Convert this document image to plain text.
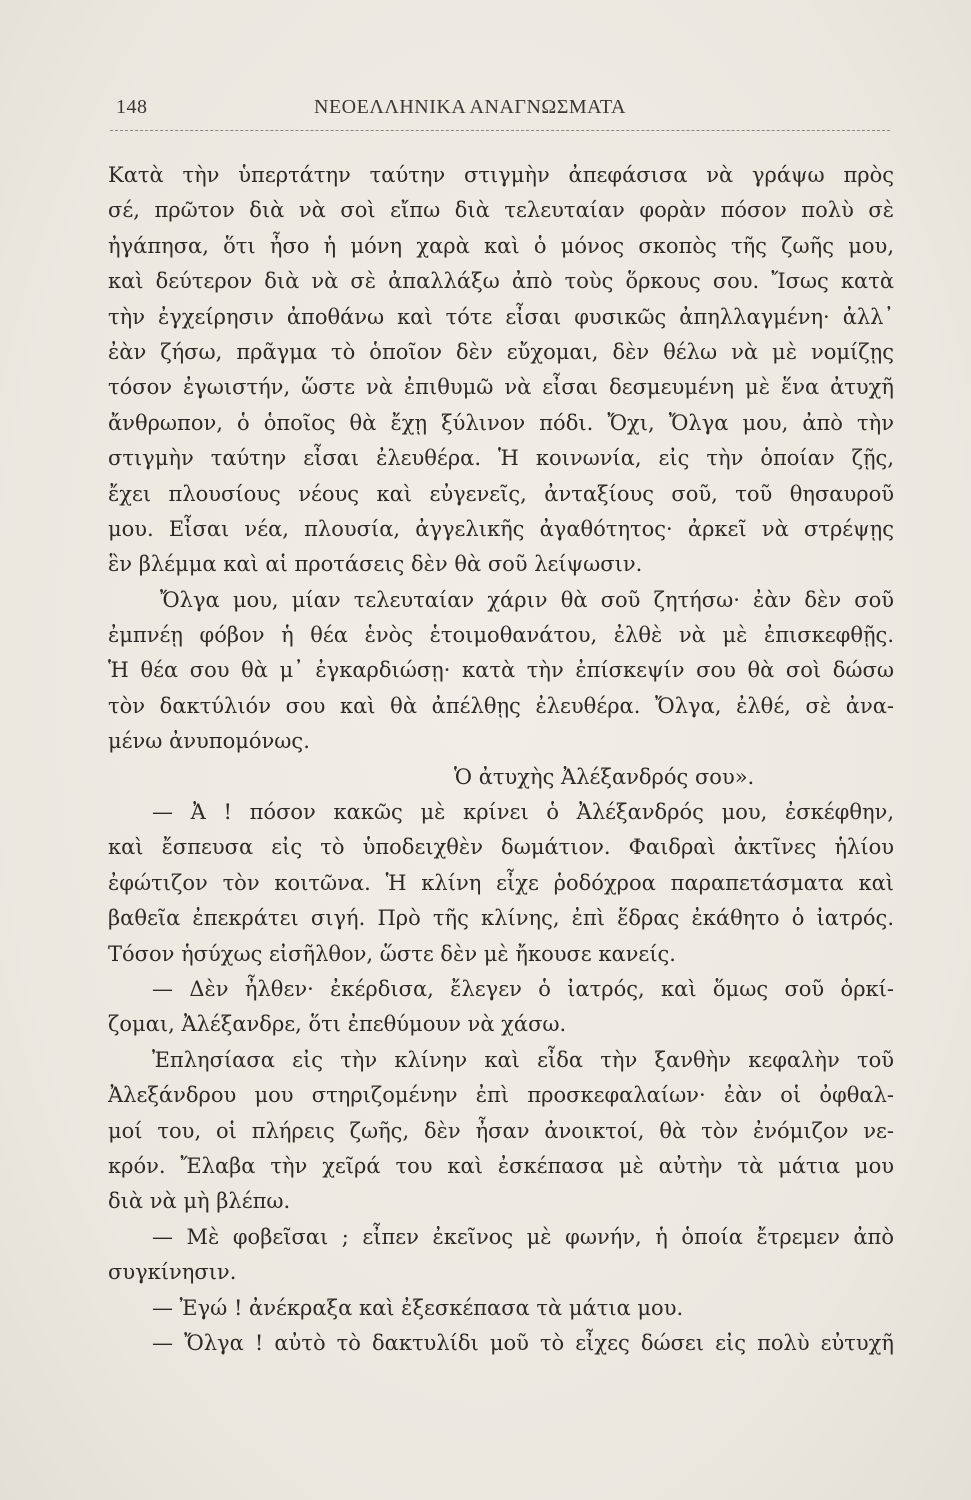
148	ΝΕΟΕΛΛΗΝΙΚΑ ΑΝΑΓΝΩΣΜΑΤΑ
Κατὰ τὴν ὑπερτάτην ταύτην στιγμὴν ἀπεφάσισα νὰ γράψω πρὸς
σέ, πρῶτον διὰ νὰ σοὶ εἴπω διὰ τελευταίαν φορὰν πόσον πολὺ σὲ
ἠγάπησα, ὅτι ἦσο ἡ μόνη χαρὰ καὶ ὁ μόνος σκοπὸς τῆς ζωῆς μου,
καὶ δεύτερον διὰ νὰ σὲ ἀπαλλάξω ἀπὸ τοὺς ὅρκους σου. Ἴσως κατὰ
τὴν ἐγχείρησιν ἀποθάνω καὶ τότε εἶσαι φυσικῶς ἀπηλλαγμένη· ἀλλ᾽
ἐὰν ζήσω, πρᾶγμα τὸ ὁποῖον δὲν εὔχομαι, δὲν θέλω νὰ μὲ νομίζῃς
τόσον ἐγωιστήν, ὥστε νὰ ἐπιθυμῶ νὰ εἶσαι δεσμευμένη μὲ ἕνα ἀτυχῆ
ἄνθρωπον, ὁ ὁποῖος θὰ ἔχῃ ξύλινον πόδι. Ὄχι, Ὄλγα μου, ἀπὸ τὴν
στιγμὴν ταύτην εἶσαι ἐλευθέρα. Ἡ κοινωνία, εἰς τὴν ὁποίαν ζῇς,
ἔχει πλουσίους νέους καὶ εὐγενεῖς, ἀνταξίους σοῦ, τοῦ θησαυροῦ
μου. Εἶσαι νέα, πλουσία, ἀγγελικῆς ἀγαθότητος· ἀρκεῖ νὰ στρέψῃς
ἓν βλέμμα καὶ αἱ προτάσεις δὲν θὰ σοῦ λείψωσιν.
Ὄλγα μου, μίαν τελευταίαν χάριν θὰ σοῦ ζητήσω· ἐὰν δὲν σοῦ
ἐμπνέῃ φόβον ἡ θέα ἑνὸς ἑτοιμοθανάτου, ἐλθὲ νὰ μὲ ἐπισκεφθῇς.
Ἡ θέα σου θὰ μ᾽ ἐγκαρδιώσῃ· κατὰ τὴν ἐπίσκεψίν σου θὰ σοὶ δώσω
τὸν δακτύλιόν σου καὶ θὰ ἀπέλθῃς ἐλευθέρα. Ὄλγα, ἐλθέ, σὲ ἀνα-
μένω ἀνυπομόνως.
Ὁ ἀτυχὴς Ἀλέξανδρός σου».
— Ἀ ! πόσον κακῶς μὲ κρίνει ὁ Ἀλέξανδρός μου, ἐσκέφθην,
καὶ ἔσπευσα εἰς τὸ ὑποδειχθὲν δωμάτιον. Φαιδραὶ ἀκτῖνες ἡλίου
ἐφώτιζον τὸν κοιτῶνα. Ἡ κλίνη εἶχε ῥοδόχροα παραπετάσματα καὶ
βαθεῖα ἐπεκράτει σιγή. Πρὸ τῆς κλίνης, ἐπὶ ἕδρας ἐκάθητο ὁ ἰατρός.
Τόσον ἡσύχως εἰσῆλθον, ὥστε δὲν μὲ ἤκουσε κανείς.
— Δὲν ἦλθεν· ἐκέρδισα, ἔλεγεν ὁ ἰατρός, καὶ ὅμως σοῦ ὁρκί-
ζομαι, Ἀλέξανδρε, ὅτι ἐπεθύμουν νὰ χάσω.
Ἐπλησίασα εἰς τὴν κλίνην καὶ εἶδα τὴν ξανθὴν κεφαλὴν τοῦ
Ἀλεξάνδρου μου στηριζομένην ἐπὶ προσκεφαλαίων· ἐὰν οἱ ὀφθαλ-
μοί του, οἱ πλήρεις ζωῆς, δὲν ἦσαν ἀνοικτοί, θὰ τὸν ἐνόμιζον νε-
κρόν. Ἔλαβα τὴν χεῖρά του καὶ ἐσκέπασα μὲ αὐτὴν τὰ μάτια μου
διὰ νὰ μὴ βλέπω.
— Μὲ φοβεῖσαι ; εἶπεν ἐκεῖνος μὲ φωνήν, ἡ ὁποία ἔτρεμεν ἀπὸ
συγκίνησιν.
— Ἐγώ ! ἀνέκραξα καὶ ἐξεσκέπασα τὰ μάτια μου.
— Ὄλγα ! αὐτὸ τὸ δακτυλίδι μοῦ τὸ εἶχες δώσει εἰς πολὺ εὐτυχῆ
